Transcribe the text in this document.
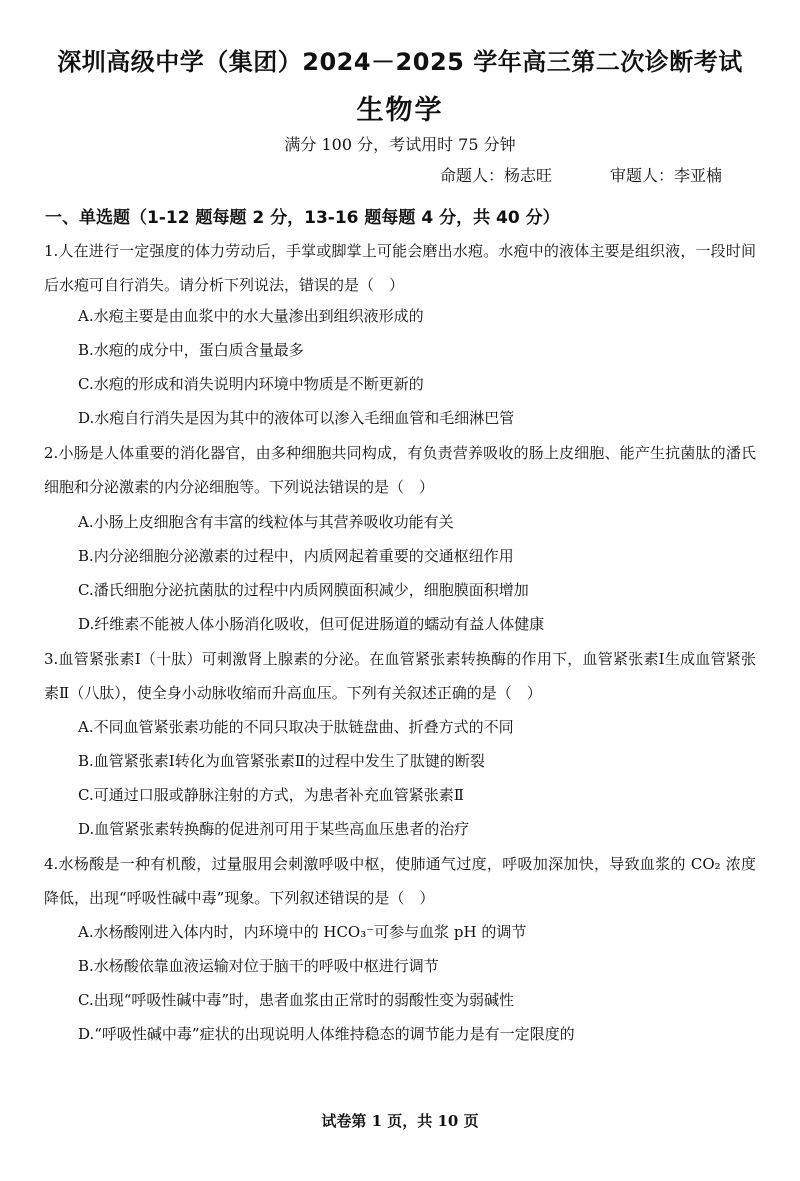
深圳高级中学（集团）2024－2025 学年高三第二次诊断考试
生物学
满分 100 分，考试用时 75 分钟
命题人：杨志旺	审题人：李亚楠
一、单选题（1-12 题每题 2 分，13-16 题每题 4 分，共 40 分）
1.人在进行一定强度的体力劳动后，手掌或脚掌上可能会磨出水疱。水疱中的液体主要是组织液，一段时间后水疱可自行消失。请分析下列说法，错误的是（　）
A.水疱主要是由血浆中的水大量渗出到组织液形成的
B.水疱的成分中，蛋白质含量最多
C.水疱的形成和消失说明内环境中物质是不断更新的
D.水疱自行消失是因为其中的液体可以渗入毛细血管和毛细淋巴管
2.小肠是人体重要的消化器官，由多种细胞共同构成，有负责营养吸收的肠上皮细胞、能产生抗菌肽的潘氏细胞和分泌激素的内分泌细胞等。下列说法错误的是（　）
A.小肠上皮细胞含有丰富的线粒体与其营养吸收功能有关
B.内分泌细胞分泌激素的过程中，内质网起着重要的交通枢纽作用
C.潘氏细胞分泌抗菌肽的过程中内质网膜面积减少，细胞膜面积增加
D.纤维素不能被人体小肠消化吸收，但可促进肠道的蠕动有益人体健康
3.血管紧张素Ⅰ（十肽）可刺激肾上腺素的分泌。在血管紧张素转换酶的作用下，血管紧张素Ⅰ生成血管紧张素Ⅱ（八肽），使全身小动脉收缩而升高血压。下列有关叙述正确的是（　）
A.不同血管紧张素功能的不同只取决于肽链盘曲、折叠方式的不同
B.血管紧张素Ⅰ转化为血管紧张素Ⅱ的过程中发生了肽键的断裂
C.可通过口服或静脉注射的方式，为患者补充血管紧张素Ⅱ
D.血管紧张素转换酶的促进剂可用于某些高血压患者的治疗
4.水杨酸是一种有机酸，过量服用会刺激呼吸中枢，使肺通气过度，呼吸加深加快，导致血浆的 CO₂ 浓度降低，出现“呼吸性碱中毒”现象。下列叙述错误的是（　）
A.水杨酸刚进入体内时，内环境中的 HCO₃⁻可参与血浆 pH 的调节
B.水杨酸依靠血液运输对位于脑干的呼吸中枢进行调节
C.出现“呼吸性碱中毒”时，患者血浆由正常时的弱酸性变为弱碱性
D.“呼吸性碱中毒”症状的出现说明人体维持稳态的调节能力是有一定限度的
试卷第 1 页，共 10 页
